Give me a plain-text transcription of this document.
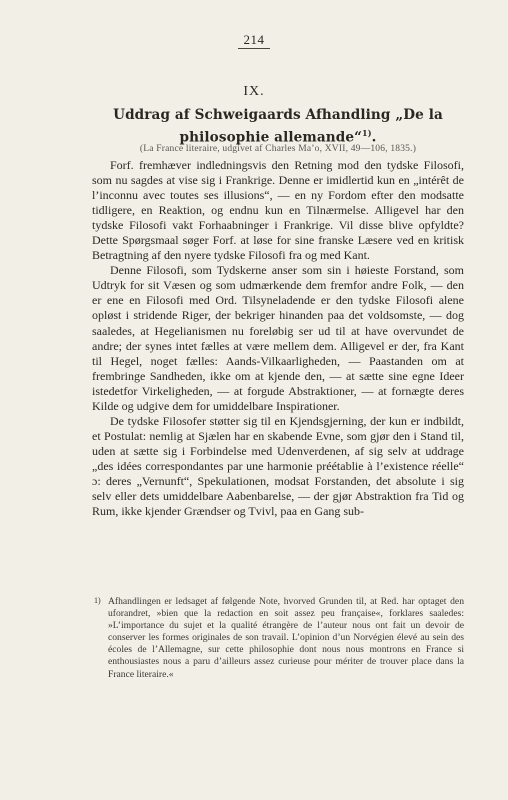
214
IX.
Uddrag af Schweigaards Afhandling „De la philosophie allemande“$^{1)}$.
(La France literaire, udgivet af Charles Ma’o, XVII, 49—106, 1835.)

Forf. fremhæver indledningsvis den Retning mod den tydske Filosofi, som nu sagdes at vise sig i Frankrige. Denne er imidlertid kun en „intérêt de l’inconnu avec toutes ses illusions“, — en ny Fordom efter den modsatte tidligere, en Reaktion, og endnu kun en Tilnærmelse. Alligevel har den tydske Filosofi vakt Forhaabninger i Frankrige. Vil disse blive opfyldte? Dette Spørgsmaal søger Forf. at løse for sine franske Læsere ved en kritisk Betragtning af den nyere tydske Filosofi fra og med Kant.

Denne Filosofi, som Tydskerne anser som sin i høieste Forstand, som Udtryk for sit Væsen og som udmærkende dem fremfor andre Folk, — den er ene en Filosofi med Ord. Tilsyneladende er den tydske Filosofi alene opløst i stridende Riger, der bekriger hinanden paa det voldsomste, — dog saaledes, at Hegelianismen nu foreløbig ser ud til at have overvundet de andre; der synes intet fælles at være mellem dem. Alligevel er der, fra Kant til Hegel, noget fælles: Aands-Vilkaarligheden, — Paastanden om at frembringe Sandheden, ikke om at kjende den, — at sætte sine egne Ideer istedetfor Virkeligheden, — at forgude Abstraktioner, — at fornægte deres Kilde og udgive dem for umiddelbare Inspirationer.

De tydske Filosofer støtter sig til en Kjendsgjerning, der kun er indbildt, et Postulat: nemlig at Sjælen har en skabende Evne, som gjør den i Stand til, uden at sætte sig i Forbindelse med Udenverdenen, af sig selv at uddrage „des idées correspondantes par une harmonie préétablie à l’existence réelle“ ɔ: deres „Vernunft“, Spekulationen, modsat Forstanden, det absolute i sig selv eller dets umiddelbare Aabenbarelse, — der gjør Abstraktion fra Tid og Rum, ikke kjender Grændser og Tvivl, paa en Gang sub-

1) Afhandlingen er ledsaget af følgende Note, hvorved Grunden til, at Red. har optaget den uforandret, »bien que la redaction en soit assez peu française«, forklares saaledes: »L’importance du sujet et la qualité étrangère de l’auteur nous ont fait un devoir de conserver les formes originales de son travail. L’opinion d’un Norvégien élevé au sein des écoles de l’Allemagne, sur cette philosophie dont nous nous montrons en France si enthousiastes nous a paru d’ailleurs assez curieuse pour mériter de trouver place dans la France literaire.«
